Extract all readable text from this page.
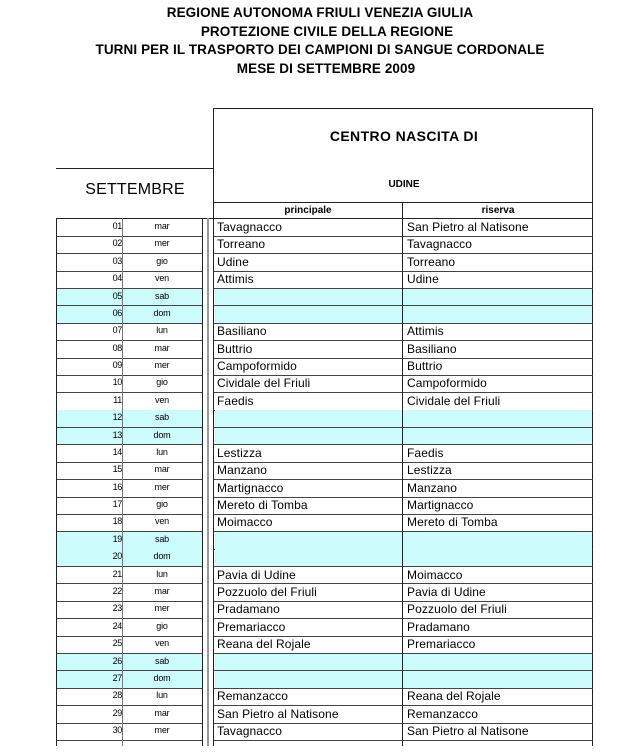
REGIONE AUTONOMA FRIULI VENEZIA GIULIA
PROTEZIONE CIVILE DELLA REGIONE
TURNI PER IL TRASPORTO DEI CAMPIONI DI SANGUE CORDONALE
MESE DI SETTEMBRE 2009
CENTRO NASCITA DI
UDINE
SETTEMBRE
principale	riserva
01	mar	Tavagnacco	San Pietro al Natisone
02	mer	Torreano	Tavagnacco
03	gio	Udine	Torreano
04	ven	Attimis	Udine
05	sab
06	dom
07	lun	Basiliano	Attimis
08	mar	Buttrio	Basiliano
09	mer	Campoformido	Buttrio
10	gio	Cividale del Friuli	Campoformido
11	ven	Faedis	Cividale del Friuli
12	sab
13	dom
14	lun	Lestizza	Faedis
15	mar	Manzano	Lestizza
16	mer	Martignacco	Manzano
17	gio	Mereto di Tomba	Martignacco
18	ven	Moimacco	Mereto di Tomba
19	sab
20	dom
21	lun	Pavia di Udine	Moimacco
22	mar	Pozzuolo del Friuli	Pavia di Udine
23	mer	Pradamano	Pozzuolo del Friuli
24	gio	Premariacco	Pradamano
25	ven	Reana del Rojale	Premariacco
26	sab
27	dom
28	lun	Remanzacco	Reana del Rojale
29	mar	San Pietro al Natisone	Remanzacco
30	mer	Tavagnacco	San Pietro al Natisone
